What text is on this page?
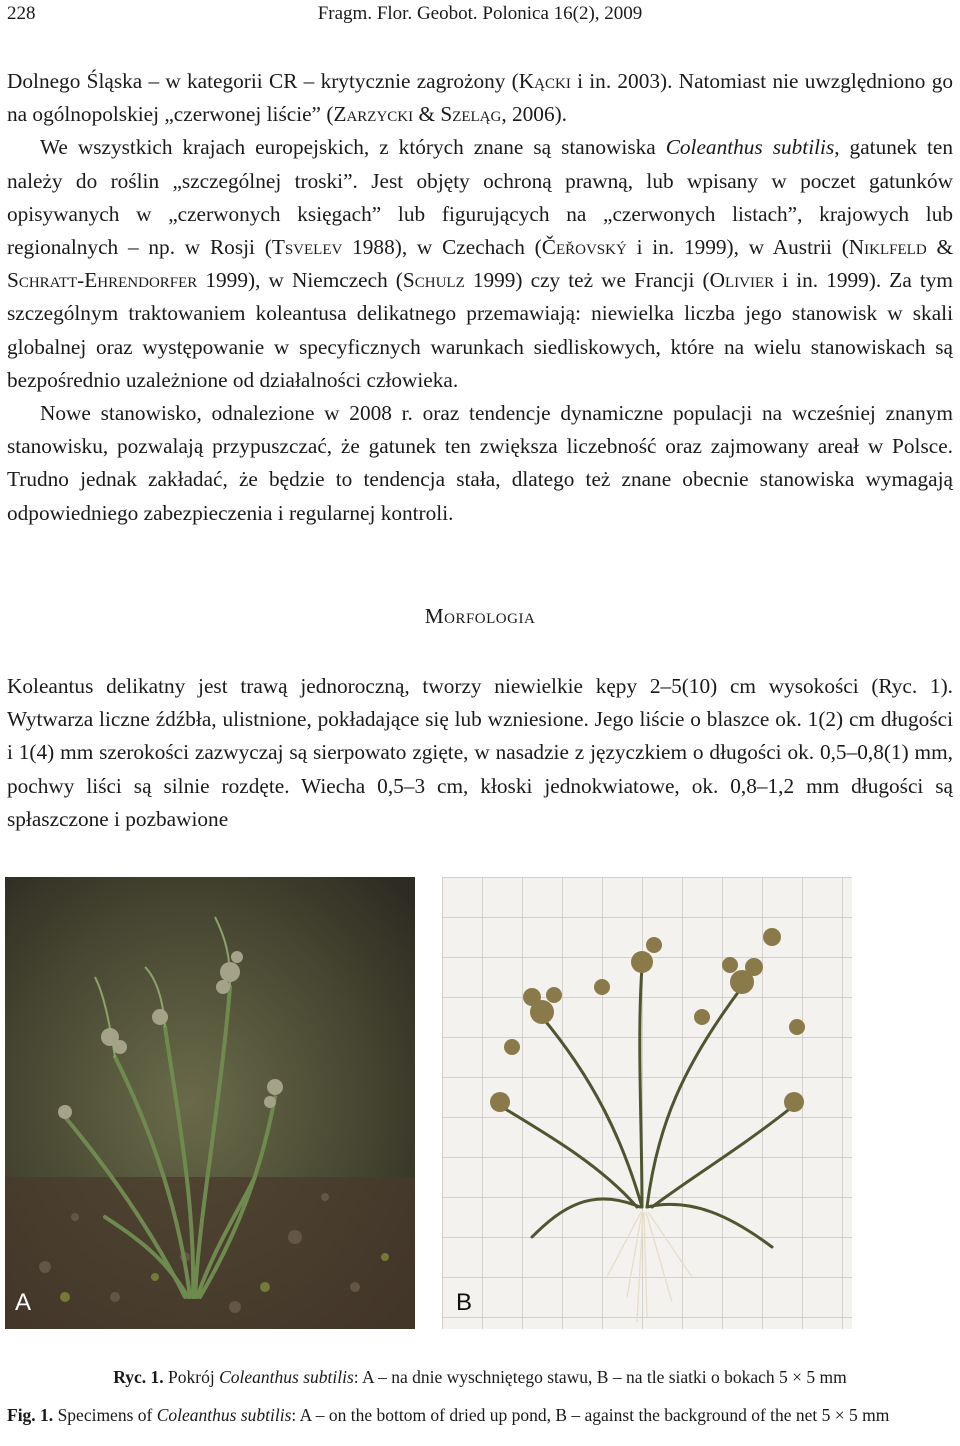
228	Fragm. Flor. Geobot. Polonica 16(2), 2009

Dolnego Śląska – w kategorii CR – krytycznie zagrożony (Kącki i in. 2003). Natomiast nie uwzględniono go na ogólnopolskiej „czerwonej liście” (Zarzycki & Szeląg, 2006).

We wszystkich krajach europejskich, z których znane są stanowiska Coleanthus subtilis, gatunek ten należy do roślin „szczególnej troski”. Jest objęty ochroną prawną, lub wpisany w poczet gatunków opisywanych w „czerwonych księgach” lub figurujących na „czerwonych listach”, krajowych lub regionalnych – np. w Rosji (Tsvelev 1988), w Czechach (Čeřovský i in. 1999), w Austrii (Niklfeld & Schratt-Ehrendorfer 1999), w Niemczech (Schulz 1999) czy też we Francji (Olivier i in. 1999). Za tym szczególnym traktowaniem koleantusa delikatnego przemawiają: niewielka liczba jego stanowisk w skali globalnej oraz występowanie w specyficznych warunkach siedliskowych, które na wielu stanowiskach są bezpośrednio uzależnione od działalności człowieka.

Nowe stanowisko, odnalezione w 2008 r. oraz tendencje dynamiczne populacji na wcześniej znanym stanowisku, pozwalają przypuszczać, że gatunek ten zwiększa liczebność oraz zajmowany areał w Polsce. Trudno jednak zakładać, że będzie to tendencja stała, dlatego też znane obecnie stanowiska wymagają odpowiedniego zabezpieczenia i regularnej kontroli.

Morfologia

Koleantus delikatny jest trawą jednoroczną, tworzy niewielkie kępy 2–5(10) cm wysokości (Ryc. 1). Wytwarza liczne źdźbła, ulistnione, pokładające się lub wzniesione. Jego liście o blaszce ok. 1(2) cm długości i 1(4) mm szerokości zazwyczaj są sierpowato zgięte, w nasadzie z języczkiem o długości ok. 0,5–0,8(1) mm, pochwy liści są silnie rozdęte. Wiecha 0,5–3 cm, kłoski jednokwiatowe, ok. 0,8–1,2 mm długości są spłaszczone i pozbawione

A	B
Ryc. 1. Pokrój Coleanthus subtilis: A – na dnie wyschniętego stawu, B – na tle siatki o bokach 5 × 5 mm
Fig. 1. Specimens of Coleanthus subtilis: A – on the bottom of dried up pond, B – against the background of the net 5 × 5 mm
